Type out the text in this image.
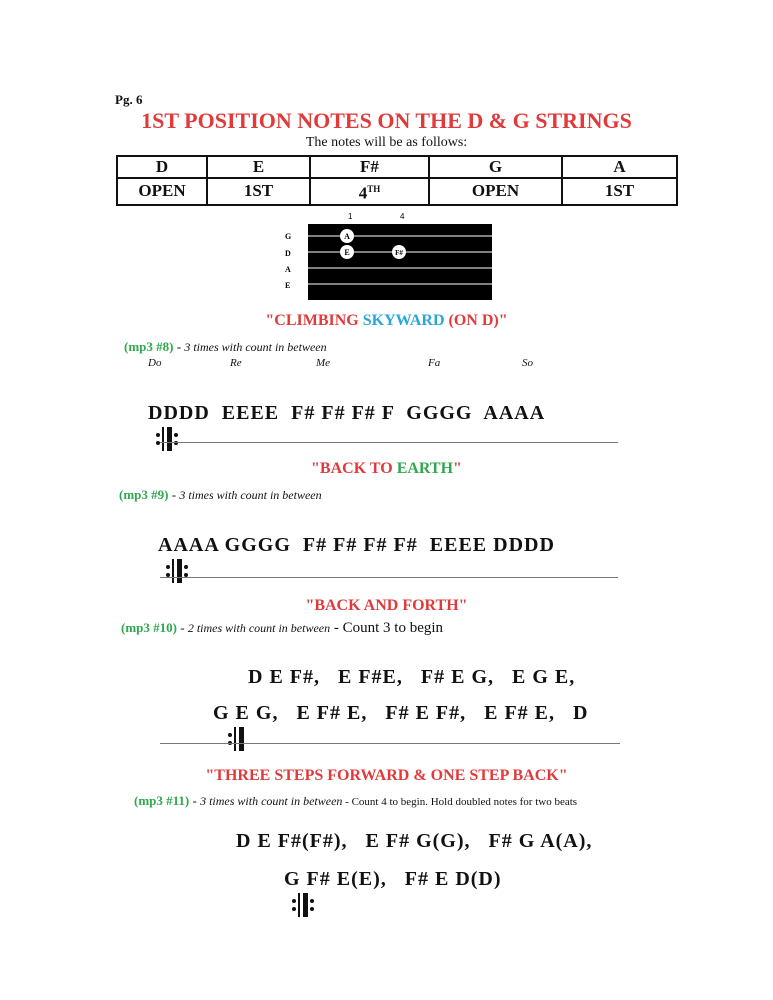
Pg. 6
1ST POSITION NOTES ON THE D & G STRINGS
The notes will be as follows:
D	E	F#	G	A
OPEN	1ST	4TH	OPEN	1ST
1	4
G
D
A
E
A
E	F#
"CLIMBING SKYWARD (ON D)"
(mp3 #8) - 3 times with count in between
Do	Re	Me	Fa	So

DDDD  EEEE  F# F# F# F  GGGG  AAAA

"BACK TO EARTH"
(mp3 #9) - 3 times with count in between

AAAA GGGG  F# F# F# F#  EEEE DDDD

"BACK AND FORTH"
(mp3 #10) - 2 times with count in between - Count 3 to begin

D E F#,   E F#E,   F# E G,   E G E,

G E G,   E F# E,   F# E F#,   E F# E,   D

"THREE STEPS FORWARD & ONE STEP BACK"
(mp3 #11) - 3 times with count in between - Count 4 to begin. Hold doubled notes for two beats

D E F#(F#),   E F# G(G),   F# G A(A),

G F# E(E),   F# E D(D)
